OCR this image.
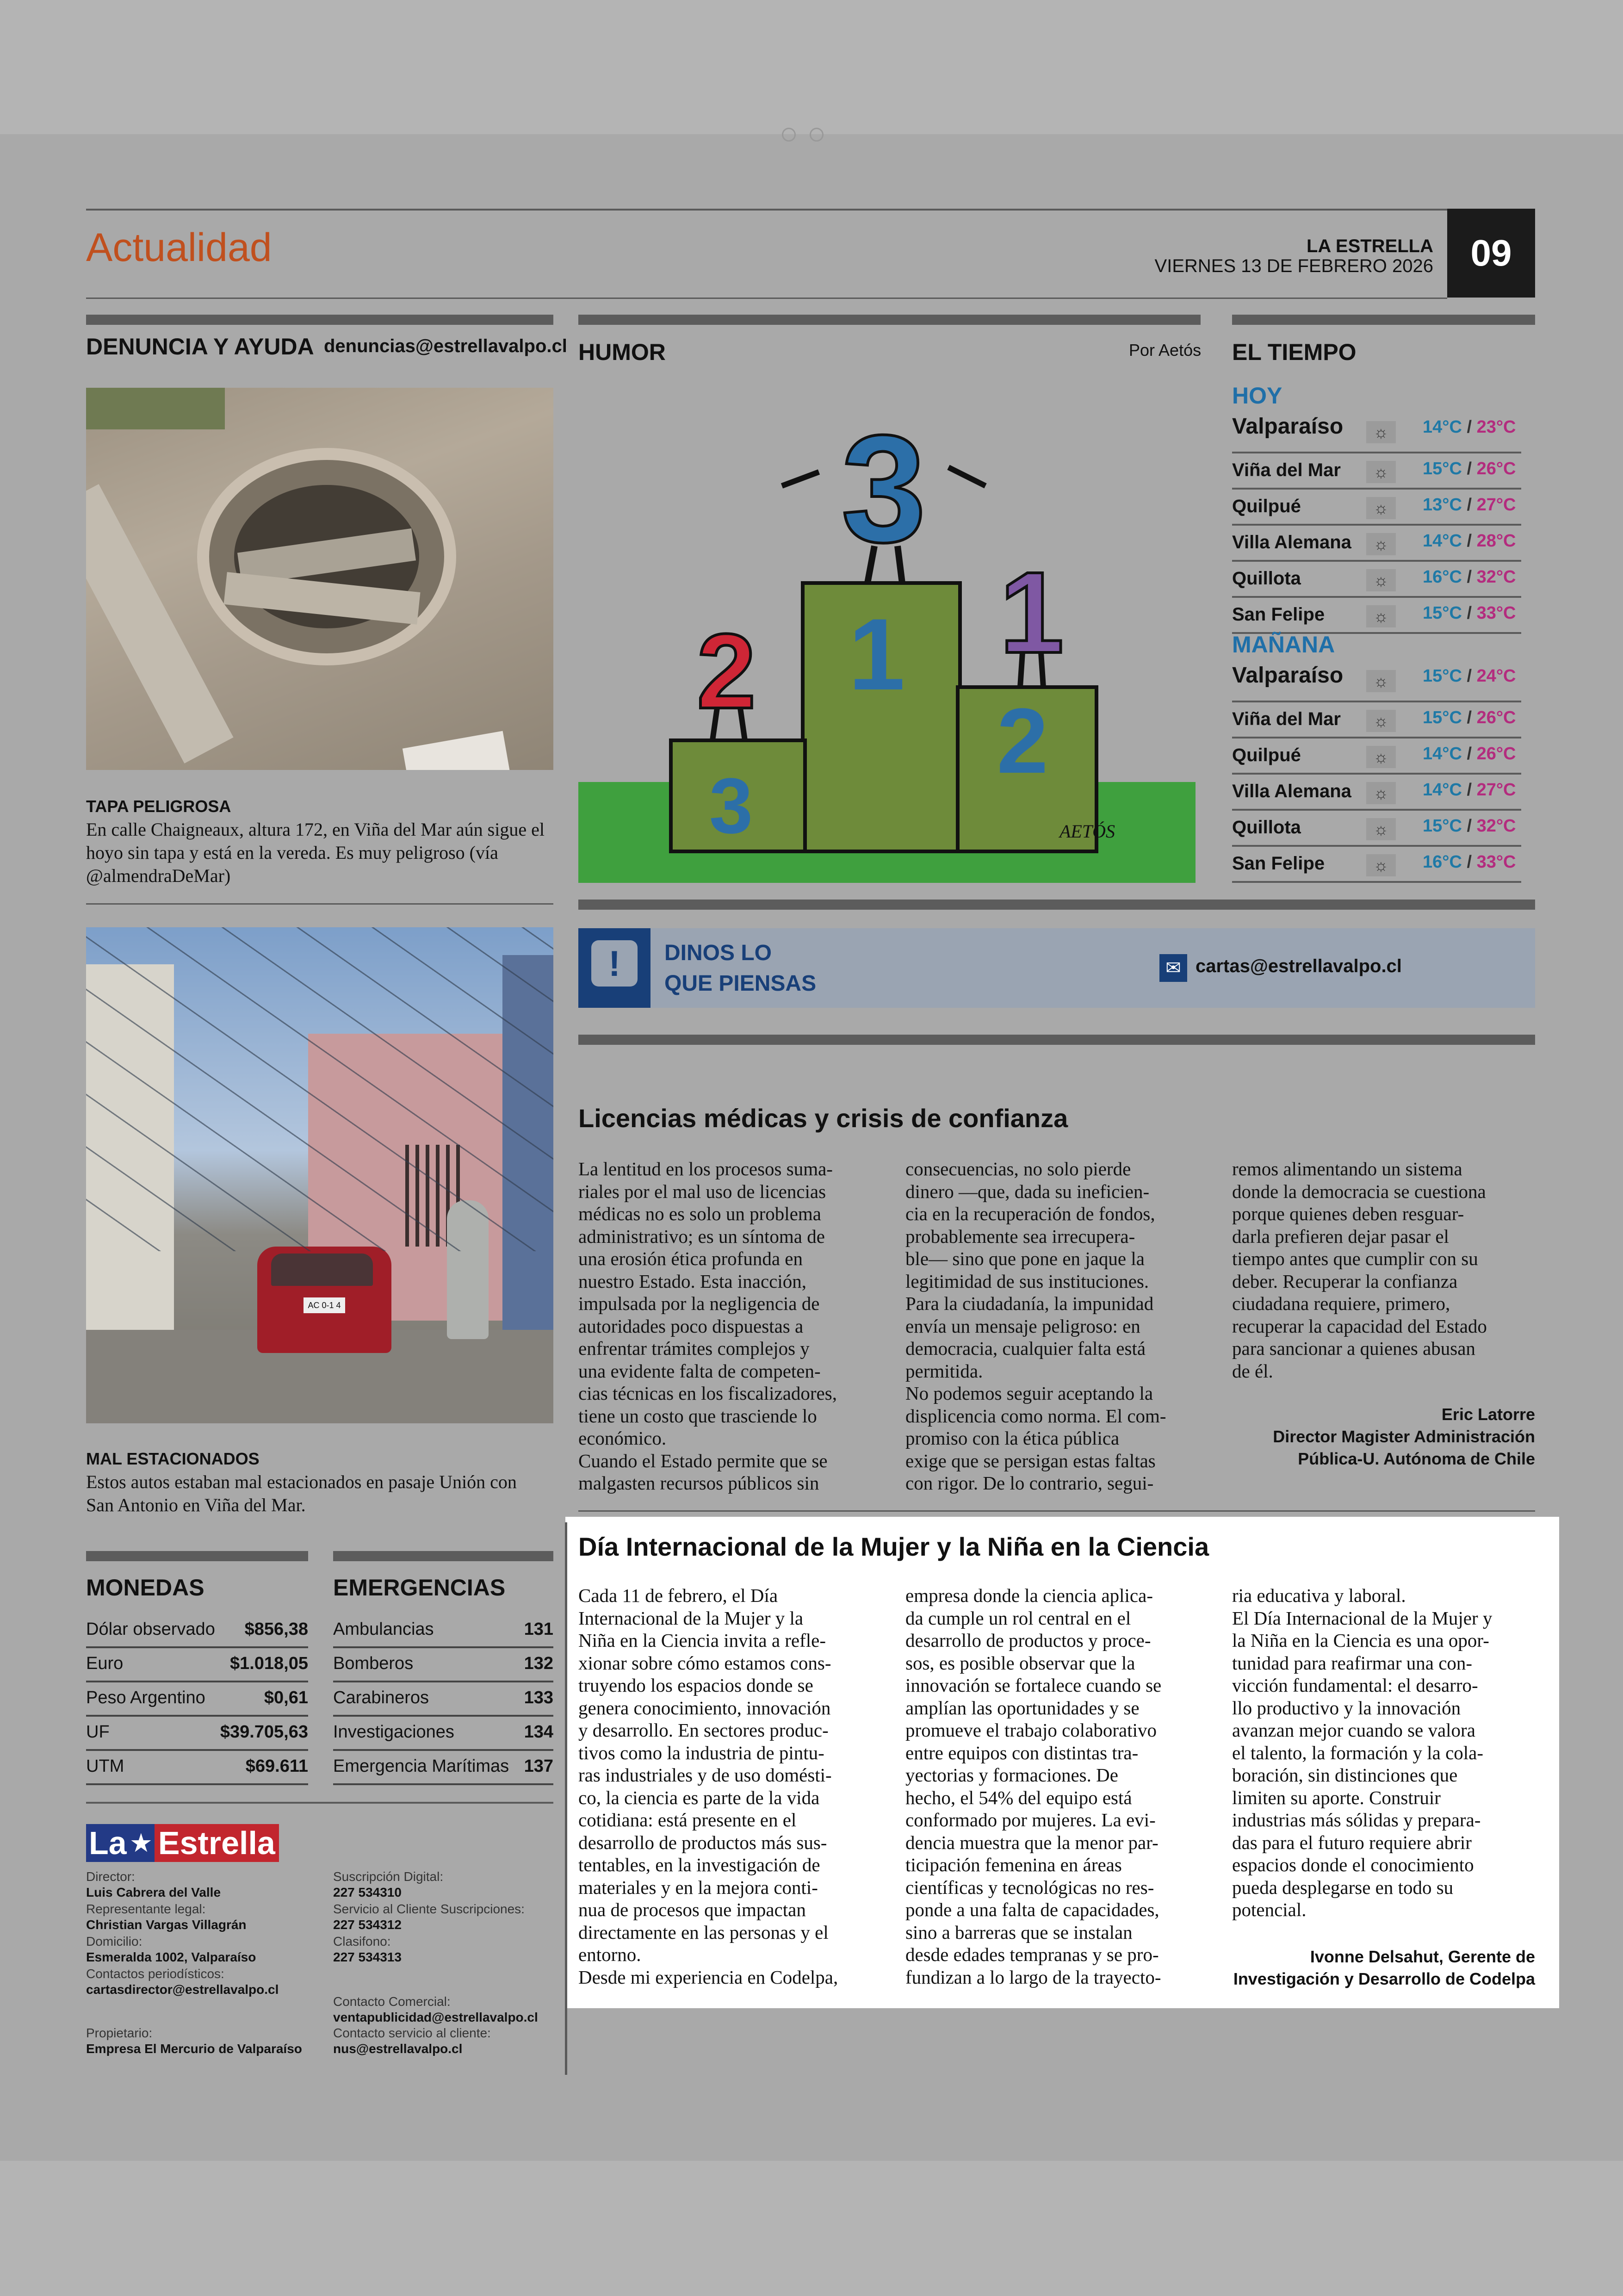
Actualidad	LA ESTRELLA
VIERNES 13 DE FEBRERO 2026 09
DENUNCIA Y AYUDA denuncias@estrellavalpo.cl
TAPA PELIGROSA
En calle Chaigneaux, altura 172, en Viña del Mar aún sigue el hoyo sin tapa y está en la vereda. Es muy peligroso (vía @almendraDeMar)
AC 0-1 4
MAL ESTACIONADOS
Estos autos estaban mal estacionados en pasaje Unión con San Antonio en Viña del Mar.
HUMOR	Por Aetós
1
2
3
3
2 1
AETÓS
EL TIEMPO
HOY
Valparaíso	☼	14°C / 23°C
Viña del Mar	☼	15°C / 26°C
Quilpué	☼	13°C / 27°C
Villa Alemana	☼	14°C / 28°C
Quillota	☼	16°C / 32°C
San Felipe	☼	15°C / 33°C
MAÑANA
Valparaíso	☼	15°C / 24°C
Viña del Mar	☼	15°C / 26°C
Quilpué	☼	14°C / 26°C
Villa Alemana	☼	14°C / 27°C
Quillota	☼	15°C / 32°C
San Felipe	☼	16°C / 33°C
! DINOS LO
QUE PIENSAS
✉ cartas@estrellavalpo.cl
Licencias médicas y crisis de confianza
La lentitud en los procesos suma-
riales por el mal uso de licencias
médicas no es solo un problema
administrativo; es un síntoma de
una erosión ética profunda en
nuestro Estado. Esta inacción,
impulsada por la negligencia de
autoridades poco dispuestas a
enfrentar trámites complejos y
una evidente falta de competen-
cias técnicas en los fiscalizadores,
tiene un costo que trasciende lo
económico.
Cuando el Estado permite que se
malgasten recursos públicos sin
consecuencias, no solo pierde
dinero —que, dada su ineficien-
cia en la recuperación de fondos,
probablemente sea irrecupera-
ble— sino que pone en jaque la
legitimidad de sus instituciones.
Para la ciudadanía, la impunidad
envía un mensaje peligroso: en
democracia, cualquier falta está
permitida.
No podemos seguir aceptando la
displicencia como norma. El com-
promiso con la ética pública
exige que se persigan estas faltas
con rigor. De lo contrario, segui-
remos alimentando un sistema
donde la democracia se cuestiona
porque quienes deben resguar-
darla prefieren dejar pasar el
tiempo antes que cumplir con su
deber. Recuperar la confianza
ciudadana requiere, primero,
recuperar la capacidad del Estado
para sancionar a quienes abusan
de él.
Eric Latorre
Director Magister Administración
Pública-U. Autónoma de Chile
Día Internacional de la Mujer y la Niña en la Ciencia
Cada 11 de febrero, el Día
Internacional de la Mujer y la
Niña en la Ciencia invita a refle-
xionar sobre cómo estamos cons-
truyendo los espacios donde se
genera conocimiento, innovación
y desarrollo. En sectores produc-
tivos como la industria de pintu-
ras industriales y de uso domésti-
co, la ciencia es parte de la vida
cotidiana: está presente en el
desarrollo de productos más sus-
tentables, en la investigación de
materiales y en la mejora conti-
nua de procesos que impactan
directamente en las personas y el
entorno.
Desde mi experiencia en Codelpa,
empresa donde la ciencia aplica-
da cumple un rol central en el
desarrollo de productos y proce-
sos, es posible observar que la
innovación se fortalece cuando se
amplían las oportunidades y se
promueve el trabajo colaborativo
entre equipos con distintas tra-
yectorias y formaciones. De
hecho, el 54% del equipo está
conformado por mujeres. La evi-
dencia muestra que la menor par-
ticipación femenina en áreas
científicas y tecnológicas no res-
ponde a una falta de capacidades,
sino a barreras que se instalan
desde edades tempranas y se pro-
fundizan a lo largo de la trayecto-
ria educativa y laboral.
El Día Internacional de la Mujer y
la Niña en la Ciencia es una opor-
tunidad para reafirmar una con-
vicción fundamental: el desarro-
llo productivo y la innovación
avanzan mejor cuando se valora
el talento, la formación y la cola-
boración, sin distinciones que
limiten su aporte. Construir
industrias más sólidas y prepara-
das para el futuro requiere abrir
espacios donde el conocimiento
pueda desplegarse en todo su
potencial.
Ivonne Delsahut, Gerente de
Investigación y Desarrollo de Codelpa
MONEDAS
Dólar observado $856,38
Euro	$1.018,05
Peso Argentino	$0,61
UF	$39.705,63
UTM	$69.611
EMERGENCIAS
Ambulancias	131
Bomberos	132
Carabineros	133
Investigaciones	134
Emergencia Marítimas 137
La ★ Estrella
Director:
Luis Cabrera del Valle
Representante legal:
Christian Vargas Villagrán
Domicilio:
Esmeralda 1002, Valparaíso
Contactos periodísticos:
cartasdirector@estrellavalpo.cl
Propietario:
Empresa El Mercurio de Valparaíso
Suscripción Digital:
227 534310
Servicio al Cliente Suscripciones:
227 534312
Clasifono:
227 534313
Contacto Comercial:
ventapublicidad@estrellavalpo.cl
Contacto servicio al cliente:
nus@estrellavalpo.cl
